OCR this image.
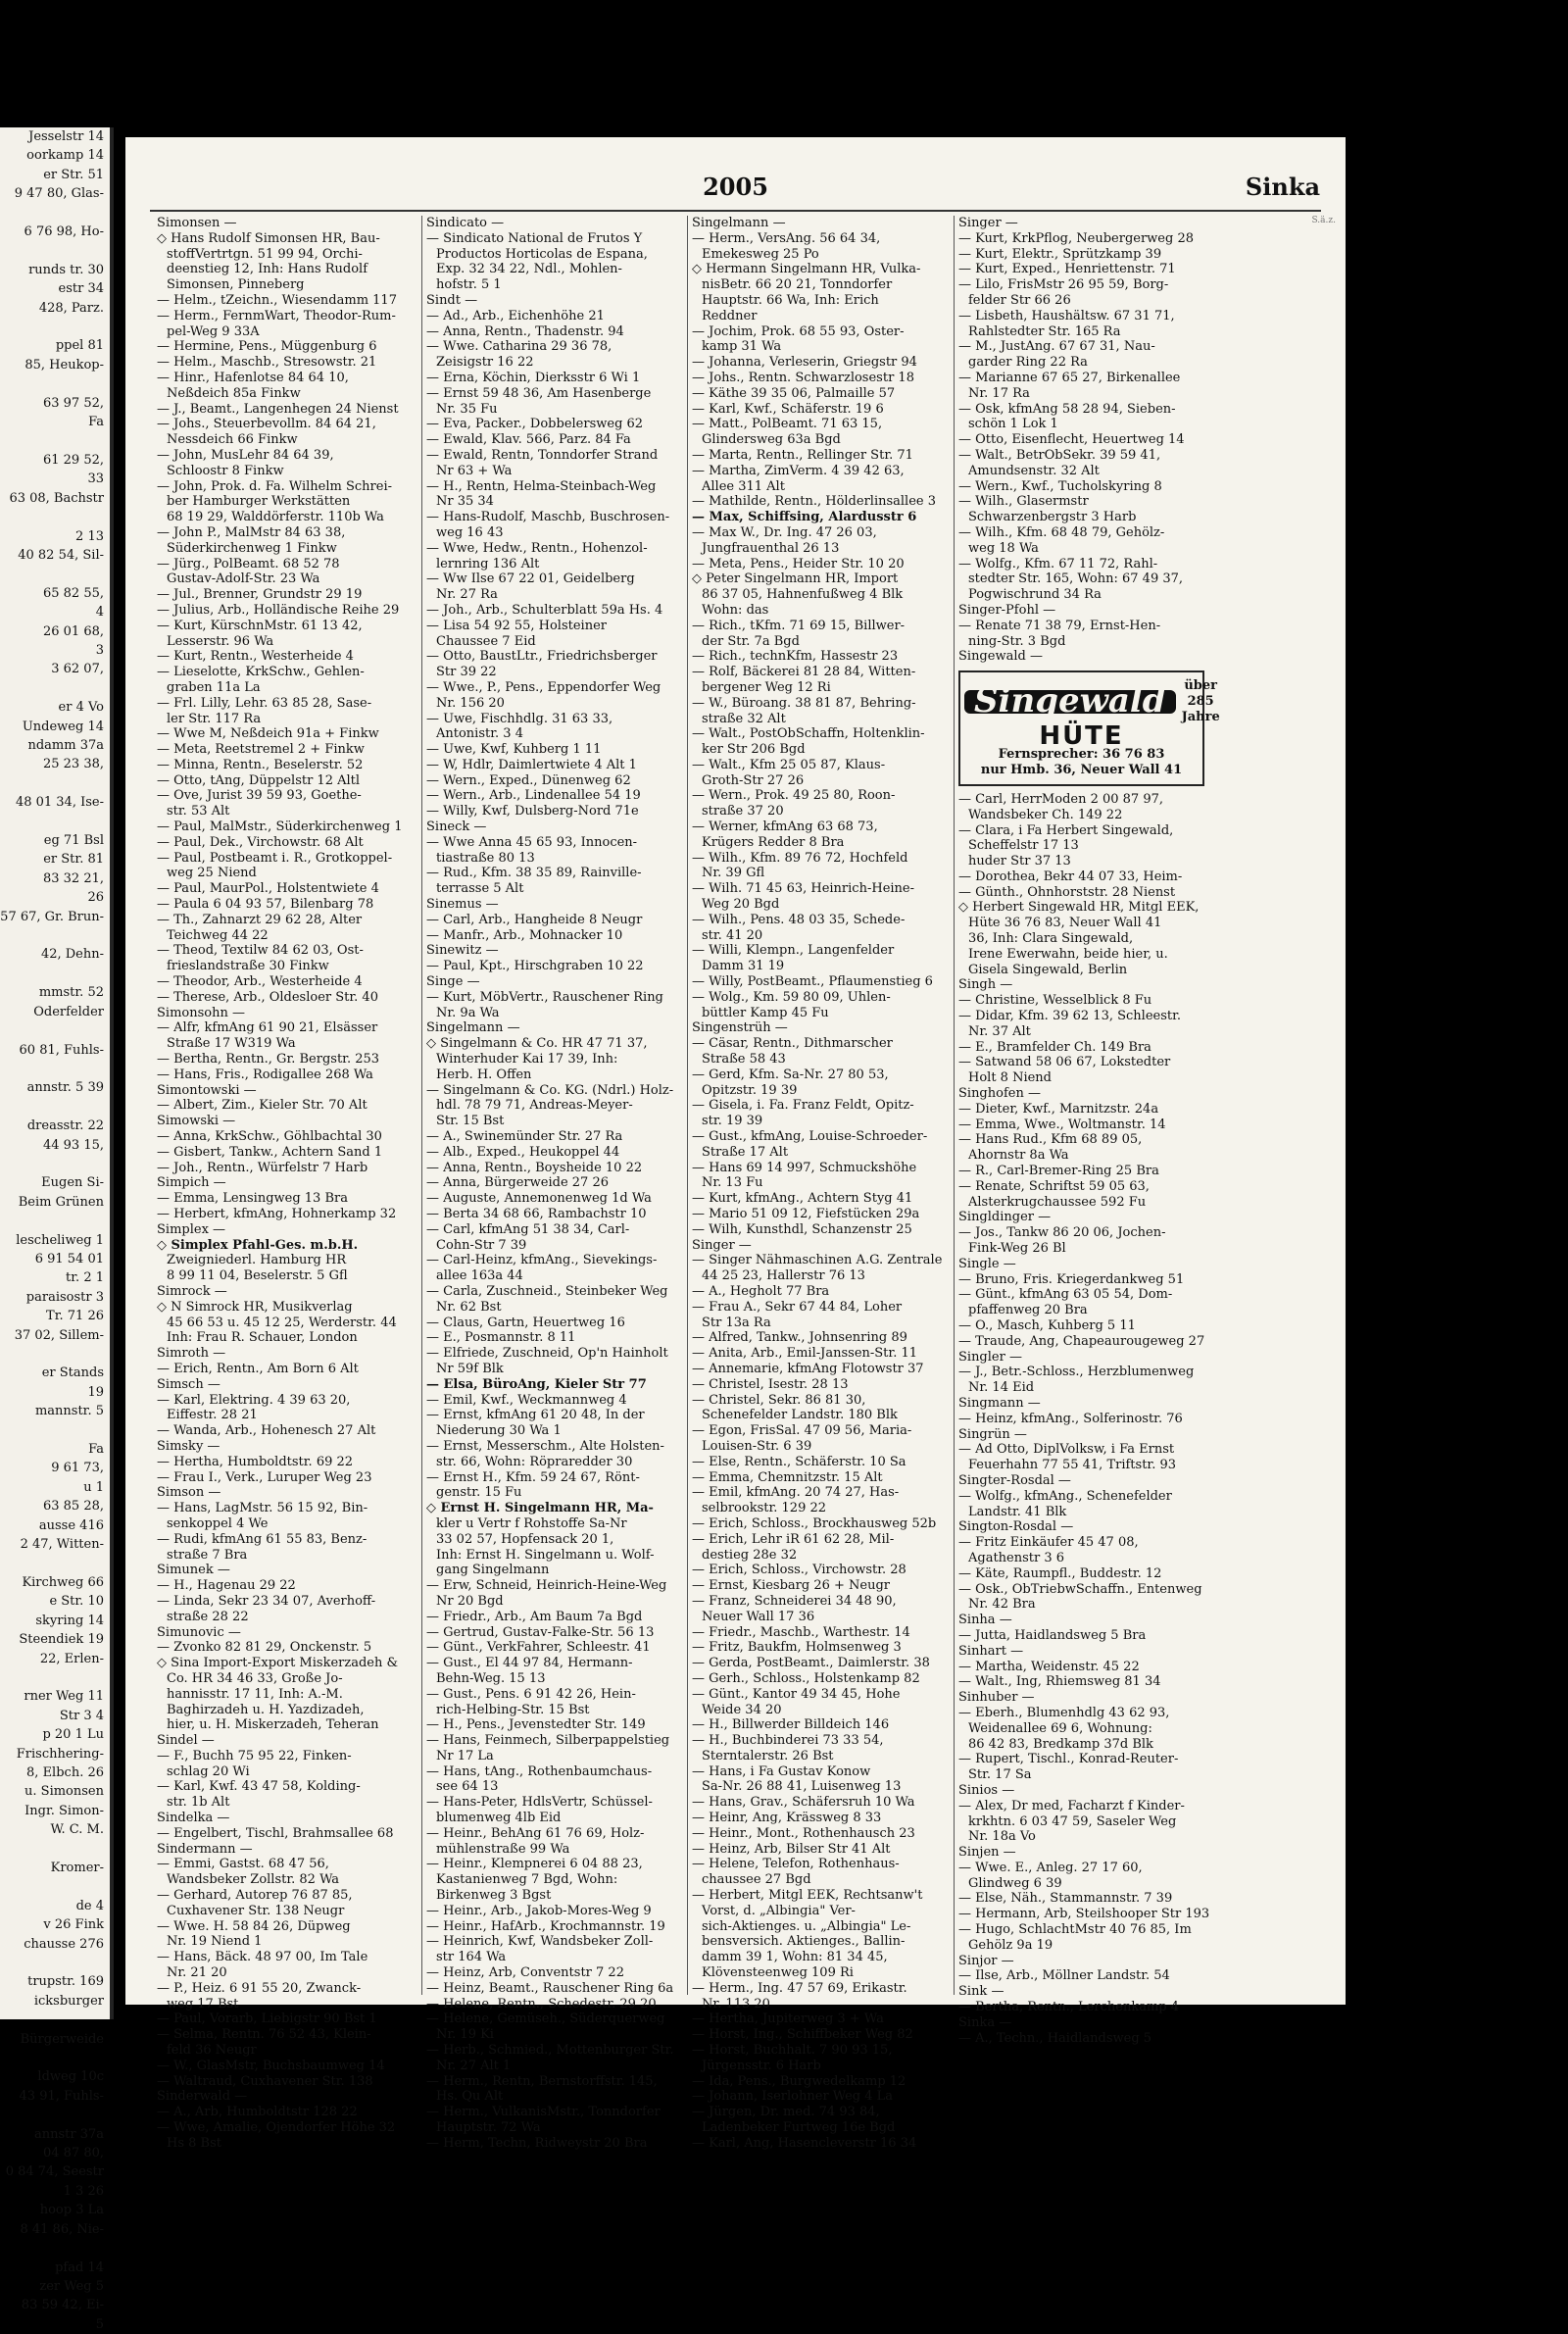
Jesselstr 14
oorkamp 14
er Str. 51
9 47 80, Glas-

6 76 98, Ho-

runds tr. 30
estr 34
428, Parz.

ppel 81
85, Heukop-

63 97 52,
Fa

61 29 52,
33
63 08, Bachstr

2 13
40 82 54, Sil-

65 82 55,
4
26 01 68,
3
3 62 07,

er 4 Vo
Undeweg 14
ndamm 37a
25 23 38,

48 01 34, Ise-

eg 71 Bsl
er Str. 81
83 32 21,
26
57 67, Gr. Brun-

42, Dehn-

mmstr. 52
Oderfelder

60 81, Fuhls-

annstr. 5 39

dreasstr. 22
44 93 15,

Eugen Si-
Beim Grünen

lescheliweg 1
6 91 54 01
tr. 2 1
paraisostr 3
Tr. 71 26
37 02, Sillem-

er Stands
19
mannstr. 5

Fa
9 61 73,
u 1
63 85 28,
ausse 416
2 47, Witten-

Kirchweg 66
e Str. 10
skyring 14
Steendiek 19
22, Erlen-

rner Weg 11
Str 3 4
p 20 1 Lu
Frischhering-
8, Elbch. 26
u. Simonsen
Ingr. Simon-
W. C. M.

Kromer-

de 4
v 26 Fink
chausse 276

trupstr. 169
icksburger

Bürgerweide

ldweg 10c
43 91, Fuhls-

annstr 37a
04 87 80,
0 84 74, Seestr
1 3 26
hoop 3 La
8 41 86, Nie-

pfad 14
zer Weg 5
83 59 42, Ei-
5
2005	Sinka
S.ä.z.
Simonsen —
◇ Hans Rudolf Simonsen HR, Bau-
stoffVertrtgn. 51 99 94, Orchi-
deenstieg 12, Inh: Hans Rudolf
Simonsen, Pinneberg
— Helm., tZeichn., Wiesendamm 117
— Herm., FernmWart, Theodor-Rum-
pel-Weg 9 33A
— Hermine, Pens., Müggenburg 6
— Helm., Maschb., Stresowstr. 21
— Hinr., Hafenlotse 84 64 10,
Neßdeich 85a Finkw
— J., Beamt., Langenhegen 24 Nienst
— Johs., Steuerbevollm. 84 64 21,
Nessdeich 66 Finkw
— John, MusLehr 84 64 39,
Schloostr 8 Finkw
— John, Prok. d. Fa. Wilhelm Schrei-
ber Hamburger Werkstätten
68 19 29, Walddörferstr. 110b Wa
— John P., MalMstr 84 63 38,
Süderkirchenweg 1 Finkw
— Jürg., PolBeamt. 68 52 78
Gustav-Adolf-Str. 23 Wa
— Jul., Brenner, Grundstr 29 19
— Julius, Arb., Holländische Reihe 29
— Kurt, KürschnMstr. 61 13 42,
Lesserstr. 96 Wa
— Kurt, Rentn., Westerheide 4
— Lieselotte, KrkSchw., Gehlen-
graben 11a La
— Frl. Lilly, Lehr. 63 85 28, Sase-
ler Str. 117 Ra
— Wwe M, Neßdeich 91a + Finkw
— Meta, Reetstremel 2 + Finkw
— Minna, Rentn., Beselerstr. 52
— Otto, tAng, Düppelstr 12 Altl
— Ove, Jurist 39 59 93, Goethe-
str. 53 Alt
— Paul, MalMstr., Süderkirchenweg 1
— Paul, Dek., Virchowstr. 68 Alt
— Paul, Postbeamt i. R., Grotkoppel-
weg 25 Niend
— Paul, MaurPol., Holstentwiete 4
— Paula 6 04 93 57, Bilenbarg 78
— Th., Zahnarzt 29 62 28, Alter
Teichweg 44 22
— Theod, Textilw 84 62 03, Ost-
frieslandstraße 30 Finkw
— Theodor, Arb., Westerheide 4
— Therese, Arb., Oldesloer Str. 40
Simonsohn —
— Alfr, kfmAng 61 90 21, Elsässer
Straße 17 W319 Wa
— Bertha, Rentn., Gr. Bergstr. 253
— Hans, Fris., Rodigallee 268 Wa
Simontowski —
— Albert, Zim., Kieler Str. 70 Alt
Simowski —
— Anna, KrkSchw., Göhlbachtal 30
— Gisbert, Tankw., Achtern Sand 1
— Joh., Rentn., Würfelstr 7 Harb
Simpich —
— Emma, Lensingweg 13 Bra
— Herbert, kfmAng, Hohnerkamp 32
Simplex —
◇ Simplex Pfahl-Ges. m.b.H.
Zweigniederl. Hamburg HR
8 99 11 04, Beselerstr. 5 Gfl
Simrock —
◇ N Simrock HR, Musikverlag
45 66 53 u. 45 12 25, Werderstr. 44
Inh: Frau R. Schauer, London
Simroth —
— Erich, Rentn., Am Born 6 Alt
Simsch —
— Karl, Elektring. 4 39 63 20,
Eiffestr. 28 21
— Wanda, Arb., Hohenesch 27 Alt
Simsky —
— Hertha, Humboldtstr. 69 22
— Frau I., Verk., Luruper Weg 23
Simson —
— Hans, LagMstr. 56 15 92, Bin-
senkoppel 4 We
— Rudi, kfmAng 61 55 83, Benz-
straße 7 Bra
Simunek —
— H., Hagenau 29 22
— Linda, Sekr 23 34 07, Averhoff-
straße 28 22
Simunovic —
— Zvonko 82 81 29, Onckenstr. 5
◇ Sina Import-Export Miskerzadeh &
Co. HR 34 46 33, Große Jo-
hannisstr. 17 11, Inh: A.-M.
Baghirzadeh u. H. Yazdizadeh,
hier, u. H. Miskerzadeh, Teheran
Sindel —
— F., Buchh 75 95 22, Finken-
schlag 20 Wi
— Karl, Kwf. 43 47 58, Kolding-
str. 1b Alt
Sindelka —
— Engelbert, Tischl, Brahmsallee 68
Sindermann —
— Emmi, Gastst. 68 47 56,
Wandsbeker Zollstr. 82 Wa
— Gerhard, Autorep 76 87 85,
Cuxhavener Str. 138 Neugr
— Wwe. H. 58 84 26, Düpweg
Nr. 19 Niend 1
— Hans, Bäck. 48 97 00, Im Tale
Nr. 21 20
— P., Heiz. 6 91 55 20, Zwanck-
weg 17 Bst
— Paul, Vorarb, Liebigstr 90 Bst 1
— Selma, Rentn. 76 52 43, Klein-
feld 36 Neugr
— W., GlasMstr, Buchsbaumweg 14
— Waltraud, Cuxhavener Str. 138
Sinderwald —
— A., Arb, Humboldtstr 128 22
— Wwe, Amalie, Ojendorfer Höhe 32
Hs 8 Bst
Sindicato —
— Sindicato National de Frutos Y
Productos Horticolas de Espana,
Exp. 32 34 22, Ndl., Mohlen-
hofstr. 5 1
Sindt —
— Ad., Arb., Eichenhöhe 21
— Anna, Rentn., Thadenstr. 94
— Wwe. Catharina 29 36 78,
Zeisigstr 16 22
— Erna, Köchin, Dierksstr 6 Wi 1
— Ernst 59 48 36, Am Hasenberge
Nr. 35 Fu
— Eva, Packer., Dobbelersweg 62
— Ewald, Klav. 566, Parz. 84 Fa
— Ewald, Rentn, Tonndorfer Strand
Nr 63 + Wa
— H., Rentn, Helma-Steinbach-Weg
Nr 35 34
— Hans-Rudolf, Maschb, Buschrosen-
weg 16 43
— Wwe, Hedw., Rentn., Hohenzol-
lernring 136 Alt
— Ww Ilse 67 22 01, Geidelberg
Nr. 27 Ra
— Joh., Arb., Schulterblatt 59a Hs. 4
— Lisa 54 92 55, Holsteiner
Chaussee 7 Eid
— Otto, BaustLtr., Friedrichsberger
Str 39 22
— Wwe., P., Pens., Eppendorfer Weg
Nr. 156 20
— Uwe, Fischhdlg. 31 63 33,
Antonistr. 3 4
— Uwe, Kwf, Kuhberg 1 11
— W, Hdlr, Daimlertwiete 4 Alt 1
— Wern., Exped., Dünenweg 62
— Wern., Arb., Lindenallee 54 19
— Willy, Kwf, Dulsberg-Nord 71e
Sineck —
— Wwe Anna 45 65 93, Innocen-
tiastraße 80 13
— Rud., Kfm. 38 35 89, Rainville-
terrasse 5 Alt
Sinemus —
— Carl, Arb., Hangheide 8 Neugr
— Manfr., Arb., Mohnacker 10
Sinewitz —
— Paul, Kpt., Hirschgraben 10 22
Singe —
— Kurt, MöbVertr., Rauschener Ring
Nr. 9a Wa
Singelmann —
◇ Singelmann & Co. HR 47 71 37,
Winterhuder Kai 17 39, Inh:
Herb. H. Offen
— Singelmann & Co. KG. (Ndrl.) Holz-
hdl. 78 79 71, Andreas-Meyer-
Str. 15 Bst
— A., Swinemünder Str. 27 Ra
— Alb., Exped., Heukoppel 44
— Anna, Rentn., Boysheide 10 22
— Anna, Bürgerweide 27 26
— Auguste, Annemonenweg 1d Wa
— Berta 34 68 66, Rambachstr 10
— Carl, kfmAng 51 38 34, Carl-
Cohn-Str 7 39
— Carl-Heinz, kfmAng., Sievekings-
allee 163a 44
— Carla, Zuschneid., Steinbeker Weg
Nr. 62 Bst
— Claus, Gartn, Heuertweg 16
— E., Posmannstr. 8 11
— Elfriede, Zuschneid, Op'n Hainholt
Nr 59f Blk
— Elsa, BüroAng, Kieler Str 77
— Emil, Kwf., Weckmannweg 4
— Ernst, kfmAng 61 20 48, In der
Niederung 30 Wa 1
— Ernst, Messerschm., Alte Holsten-
str. 66, Wohn: Röpraredder 30
— Ernst H., Kfm. 59 24 67, Rönt-
genstr. 15 Fu
◇ Ernst H. Singelmann HR, Ma-
kler u Vertr f Rohstoffe Sa-Nr
33 02 57, Hopfensack 20 1,
Inh: Ernst H. Singelmann u. Wolf-
gang Singelmann
— Erw, Schneid, Heinrich-Heine-Weg
Nr 20 Bgd
— Friedr., Arb., Am Baum 7a Bgd
— Gertrud, Gustav-Falke-Str. 56 13
— Günt., VerkFahrer, Schleestr. 41
— Gust., El 44 97 84, Hermann-
Behn-Weg. 15 13
— Gust., Pens. 6 91 42 26, Hein-
rich-Helbing-Str. 15 Bst
— H., Pens., Jevenstedter Str. 149
— Hans, Feinmech, Silberpappelstieg
Nr 17 La
— Hans, tAng., Rothenbaumchaus-
see 64 13
— Hans-Peter, HdlsVertr, Schüssel-
blumenweg 4lb Eid
— Heinr., BehAng 61 76 69, Holz-
mühlenstraße 99 Wa
— Heinr., Klempnerei 6 04 88 23,
Kastanienweg 7 Bgd, Wohn:
Birkenweg 3 Bgst
— Heinr., Arb., Jakob-Mores-Weg 9
— Heinr., HafArb., Krochmannstr. 19
— Heinrich, Kwf, Wandsbeker Zoll-
str 164 Wa
— Heinz, Arb, Conventstr 7 22
— Heinz, Beamt., Rauschener Ring 6a
— Helene, Rentn., Schedestr. 29 20
— Helene, Gemüseh., Süderquerweg
Nr. 19 Ki
— Herb., Schmied., Mottenburger Str.
Nr. 27 Alt 1
— Herm., Rentn, Bernstorffstr. 145,
Hs. Qu Alt
— Herm., VulkanisMstr., Tonndorfer
Hauptstr. 72 Wa
— Herm, Techn, Ridweystr 20 Bra
Singelmann —
— Herm., VersAng. 56 64 34,
Emekesweg 25 Po
◇ Hermann Singelmann HR, Vulka-
nisBetr. 66 20 21, Tonndorfer
Hauptstr. 66 Wa, Inh: Erich
Reddner
— Jochim, Prok. 68 55 93, Oster-
kamp 31 Wa
— Johanna, Verleserin, Griegstr 94
— Johs., Rentn. Schwarzlosestr 18
— Käthe 39 35 06, Palmaille 57
— Karl, Kwf., Schäferstr. 19 6
— Matt., PolBeamt. 71 63 15,
Glindersweg 63a Bgd
— Marta, Rentn., Rellinger Str. 71
— Martha, ZimVerm. 4 39 42 63,
Allee 311 Alt
— Mathilde, Rentn., Hölderlinsallee 3
— Max, Schiffsing, Alardusstr 6
— Max W., Dr. Ing. 47 26 03,
Jungfrauenthal 26 13
— Meta, Pens., Heider Str. 10 20
◇ Peter Singelmann HR, Import
86 37 05, Hahnenfußweg 4 Blk
Wohn: das
— Rich., tKfm. 71 69 15, Billwer-
der Str. 7a Bgd
— Rich., technKfm, Hassestr 23
— Rolf, Bäckerei 81 28 84, Witten-
bergener Weg 12 Ri
— W., Büroang. 38 81 87, Behring-
straße 32 Alt
— Walt., PostObSchaffn, Holtenklin-
ker Str 206 Bgd
— Walt., Kfm 25 05 87, Klaus-
Groth-Str 27 26
— Wern., Prok. 49 25 80, Roon-
straße 37 20
— Werner, kfmAng 63 68 73,
Krügers Redder 8 Bra
— Wilh., Kfm. 89 76 72, Hochfeld
Nr. 39 Gfl
— Wilh. 71 45 63, Heinrich-Heine-
Weg 20 Bgd
— Wilh., Pens. 48 03 35, Schede-
str. 41 20
— Willi, Klempn., Langenfelder
Damm 31 19
— Willy, PostBeamt., Pflaumenstieg 6
— Wolg., Km. 59 80 09, Uhlen-
büttler Kamp 45 Fu
Singenstrüh —
— Cäsar, Rentn., Dithmarscher
Straße 58 43
— Gerd, Kfm. Sa-Nr. 27 80 53,
Opitzstr. 19 39
— Gisela, i. Fa. Franz Feldt, Opitz-
str. 19 39
— Gust., kfmAng, Louise-Schroeder-
Straße 17 Alt
— Hans 69 14 997, Schmuckshöhe
Nr. 13 Fu
— Kurt, kfmAng., Achtern Styg 41
— Mario 51 09 12, Fiefstücken 29a
— Wilh, Kunsthdl, Schanzenstr 25
Singer —
— Singer Nähmaschinen A.G. Zentrale
44 25 23, Hallerstr 76 13
— A., Hegholt 77 Bra
— Frau A., Sekr 67 44 84, Loher
Str 13a Ra
— Alfred, Tankw., Johnsenring 89
— Anita, Arb., Emil-Janssen-Str. 11
— Annemarie, kfmAng Flotowstr 37
— Christel, Isestr. 28 13
— Christel, Sekr. 86 81 30,
Schenefelder Landstr. 180 Blk
— Egon, FrisSal. 47 09 56, Maria-
Louisen-Str. 6 39
— Else, Rentn., Schäferstr. 10 Sa
— Emma, Chemnitzstr. 15 Alt
— Emil, kfmAng. 20 74 27, Has-
selbrookstr. 129 22
— Erich, Schloss., Brockhausweg 52b
— Erich, Lehr iR 61 62 28, Mil-
destieg 28e 32
— Erich, Schloss., Virchowstr. 28
— Ernst, Kiesbarg 26 + Neugr
— Franz, Schneiderei 34 48 90,
Neuer Wall 17 36
— Friedr., Maschb., Warthestr. 14
— Fritz, Baukfm, Holmsenweg 3
— Gerda, PostBeamt., Daimlerstr. 38
— Gerh., Schloss., Holstenkamp 82
— Günt., Kantor 49 34 45, Hohe
Weide 34 20
— H., Billwerder Billdeich 146
— H., Buchbinderei 73 33 54,
Sterntalerstr. 26 Bst
— Hans, i Fa Gustav Konow
Sa-Nr. 26 88 41, Luisenweg 13
— Hans, Grav., Schäfersruh 10 Wa
— Heinr, Ang, Krässweg 8 33
— Heinr., Mont., Rothenhausch 23
— Heinz, Arb, Bilser Str 41 Alt
— Helene, Telefon, Rothenhaus-
chaussee 27 Bgd
— Herbert, Mitgl EEK, Rechtsanw't
Vorst, d. „Albingia" Ver-
sich-Aktienges. u. „Albingia" Le-
bensversich. Aktienges., Ballin-
damm 39 1, Wohn: 81 34 45,
Klövensteenweg 109 Ri
— Herm., Ing. 47 57 69, Erikastr.
Nr. 113 20
— Hertha, Jupiterweg 3 + Wa
— Horst, Ing., Schiffbeker Weg 82
— Horst, Buchhalt. 7 90 93 15,
Jürgensstr. 6 Harb
— Ida, Pens., Burgwedelkamp 12
— Johann, Iserlohner Weg 4 La
— Jürgen, Dr. med. 74 93 84,
Ladenbeker Furtweg 16e Bgd
— Karl, Ang, Hasencleverstr 16 34
Singer —
— Kurt, KrkPflog, Neubergerweg 28
— Kurt, Elektr., Sprützkamp 39
— Kurt, Exped., Henriettenstr. 71
— Lilo, FrisMstr 26 95 59, Borg-
felder Str 66 26
— Lisbeth, Haushältsw. 67 31 71,
Rahlstedter Str. 165 Ra
— M., JustAng. 67 67 31, Nau-
garder Ring 22 Ra
— Marianne 67 65 27, Birkenallee
Nr. 17 Ra
— Osk, kfmAng 58 28 94, Sieben-
schön 1 Lok 1
— Otto, Eisenflecht, Heuertweg 14
— Walt., BetrObSekr. 39 59 41,
Amundsenstr. 32 Alt
— Wern., Kwf., Tucholskyring 8
— Wilh., Glasermstr
Schwarzenbergstr 3 Harb
— Wilh., Kfm. 68 48 79, Gehölz-
weg 18 Wa
— Wolfg., Kfm. 67 11 72, Rahl-
stedter Str. 165, Wohn: 67 49 37,
Pogwischrund 34 Ra
Singer-Pfohl —
— Renate 71 38 79, Ernst-Hen-
ning-Str. 3 Bgd
Singewald —
Singewald	über 285 Jahre
HÜTE
Fernsprecher: 36 76 83
nur Hmb. 36, Neuer Wall 41
— Carl, HerrModen 2 00 87 97,
Wandsbeker Ch. 149 22
— Clara, i Fa Herbert Singewald,
Scheffelstr 17 13
huder Str 37 13
— Dorothea, Bekr 44 07 33, Heim-
— Günth., Ohnhorststr. 28 Nienst
◇ Herbert Singewald HR, Mitgl EEK,
Hüte 36 76 83, Neuer Wall 41
36, Inh: Clara Singewald,
Irene Ewerwahn, beide hier, u.
Gisela Singewald, Berlin
Singh —
— Christine, Wesselblick 8 Fu
— Didar, Kfm. 39 62 13, Schleestr.
Nr. 37 Alt
— E., Bramfelder Ch. 149 Bra
— Satwand 58 06 67, Lokstedter
Holt 8 Niend
Singhofen —
— Dieter, Kwf., Marnitzstr. 24a
— Emma, Wwe., Woltmanstr. 14
— Hans Rud., Kfm 68 89 05,
Ahornstr 8a Wa
— R., Carl-Bremer-Ring 25 Bra
— Renate, Schriftst 59 05 63,
Alsterkrugchaussee 592 Fu
Singldinger —
— Jos., Tankw 86 20 06, Jochen-
Fink-Weg 26 Bl
Single —
— Bruno, Fris. Kriegerdankweg 51
— Günt., kfmAng 63 05 54, Dom-
pfaffenweg 20 Bra
— O., Masch, Kuhberg 5 11
— Traude, Ang, Chapeaurougeweg 27
Singler —
— J., Betr.-Schloss., Herzblumenweg
Nr. 14 Eid
Singmann —
— Heinz, kfmAng., Solferinostr. 76
Singrün —
— Ad Otto, DiplVolksw, i Fa Ernst
Feuerhahn 77 55 41, Triftstr. 93
Singter-Rosdal —
— Wolfg., kfmAng., Schenefelder
Landstr. 41 Blk
Sington-Rosdal —
— Fritz Einkäufer 45 47 08,
Agathenstr 3 6
— Käte, Raumpfl., Buddestr. 12
— Osk., ObTriebwSchaffn., Entenweg
Nr. 42 Bra
Sinha —
— Jutta, Haidlandsweg 5 Bra
Sinhart —
— Martha, Weidenstr. 45 22
— Walt., Ing, Rhiemsweg 81 34
Sinhuber —
— Eberh., Blumenhdlg 43 62 93,
Weidenallee 69 6, Wohnung:
86 42 83, Bredkamp 37d Blk
— Rupert, Tischl., Konrad-Reuter-
Str. 17 Sa
Sinios —
— Alex, Dr med, Facharzt f Kinder-
krkhtn. 6 03 47 59, Saseler Weg
Nr. 18a Vo
Sinjen —
— Wwe. E., Anleg. 27 17 60,
Glindweg 6 39
— Else, Näh., Stammannstr. 7 39
— Hermann, Arb, Steilshooper Str 193
— Hugo, SchlachtMstr 40 76 85, Im
Gehölz 9a 19
Sinjor —
— Ilse, Arb., Möllner Landstr. 54
Sink —
— Bertha, Rentn., Lerchenkamp 4
Sinka —
— A., Techn., Haidlandsweg 5
